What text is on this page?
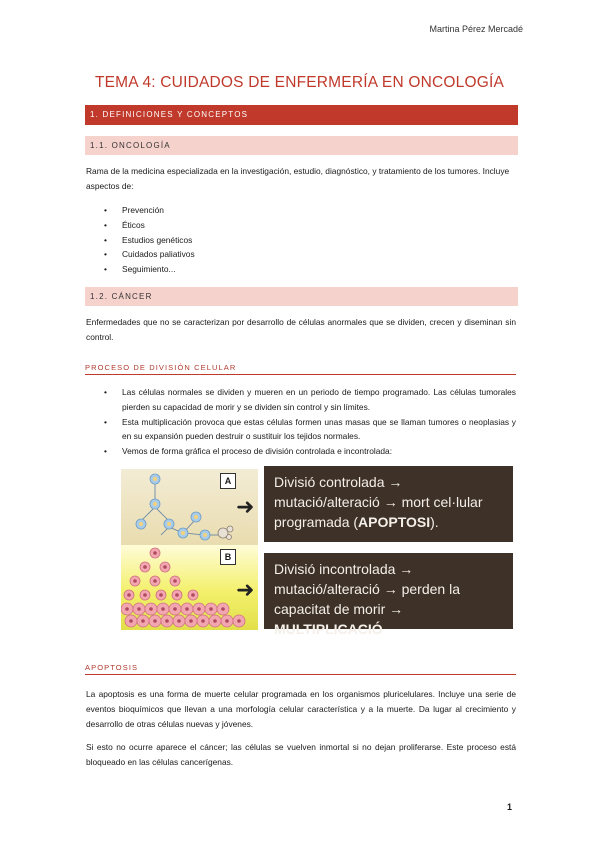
Martina Pérez Mercadé
TEMA 4: CUIDADOS DE ENFERMERÍA EN ONCOLOGÍA
1. DEFINICIONES Y CONCEPTOS
1.1. ONCOLOGÍA
Rama de la medicina especializada en la investigación, estudio, diagnóstico, y tratamiento de los tumores. Incluye aspectos de:
• Prevención
• Éticos
• Estudios genéticos
• Cuidados paliativos
• Seguimiento...
1.2. CÁNCER
Enfermedades que no se caracterizan por desarrollo de células anormales que se dividen, crecen y diseminan sin control.
PROCESO DE DIVISIÓN CELULAR
• Las células normales se dividen y mueren en un periodo de tiempo programado. Las células tumorales pierden su capacidad de morir y se dividen sin control y sin límites.
• Esta multiplicación provoca que estas células formen unas masas que se llaman tumores o neoplasias y en su expansión pueden destruir o sustituir los tejidos normales.
• Vemos de forma gráfica el proceso de división controlada e incontrolada:
A
B
➜
➜
Divisió controlada →
mutació/alteració → mort cel·lular
programada (APOPTOSI).
Divisió incontrolada →
mutació/alteració → perden la
capacitat de morir → MULTIPLICACIÓ
APOPTOSIS
La apoptosis es una forma de muerte celular programada en los organismos pluricelulares. Incluye una serie de eventos bioquímicos que llevan a una morfología celular característica y a la muerte. Da lugar al crecimiento y desarrollo de otras células nuevas y jóvenes.
Si esto no ocurre aparece el cáncer; las células se vuelven inmortal si no dejan proliferarse. Este proceso está bloqueado en las células cancerígenas.
1
